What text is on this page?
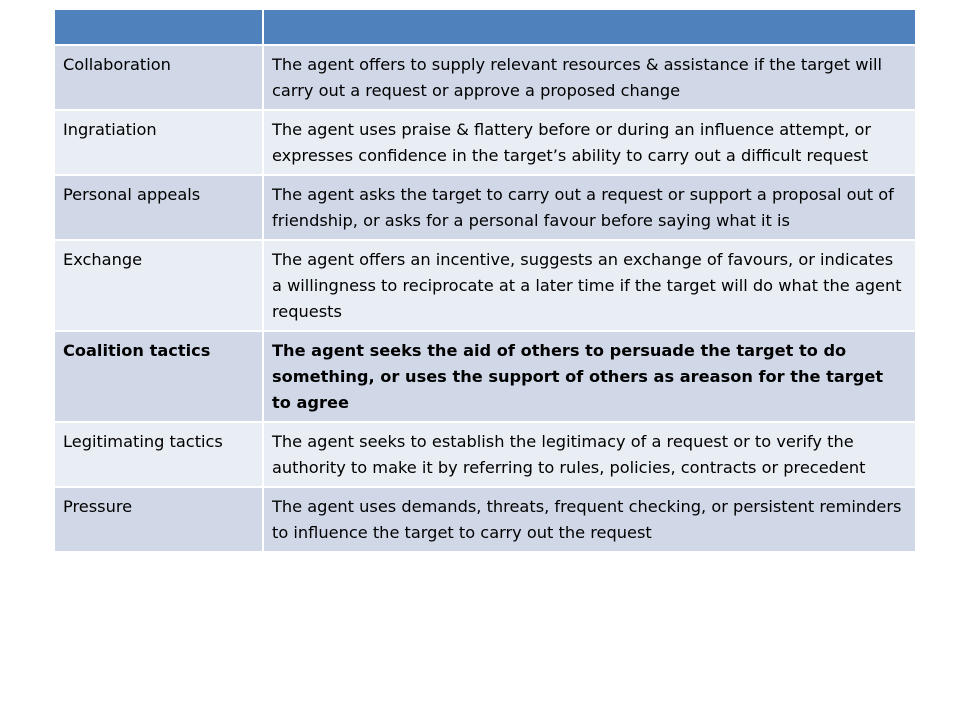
Collaboration	The agent offers to supply relevant resources & assistance if the target will carry out a request or approve a proposed change
Ingratiation	The agent uses praise & flattery before or during an influence attempt, or expresses confidence in the target’s ability to carry out a difficult request
Personal appeals	The agent asks the target to carry out a request or support a proposal out of friendship, or asks for a personal favour before saying what it is
Exchange	The agent offers an incentive, suggests an exchange of favours, or indicates a willingness to reciprocate at a later time if the target will do what the agent requests
Coalition tactics	The agent seeks the aid of others to persuade the target to do something, or uses the support of others as areason for the target to agree
Legitimating tactics	The agent seeks to establish the legitimacy of a request or to verify the authority to make it by referring to rules, policies, contracts or precedent
Pressure	The agent uses demands, threats, frequent checking, or persistent reminders to influence the target to carry out the request
